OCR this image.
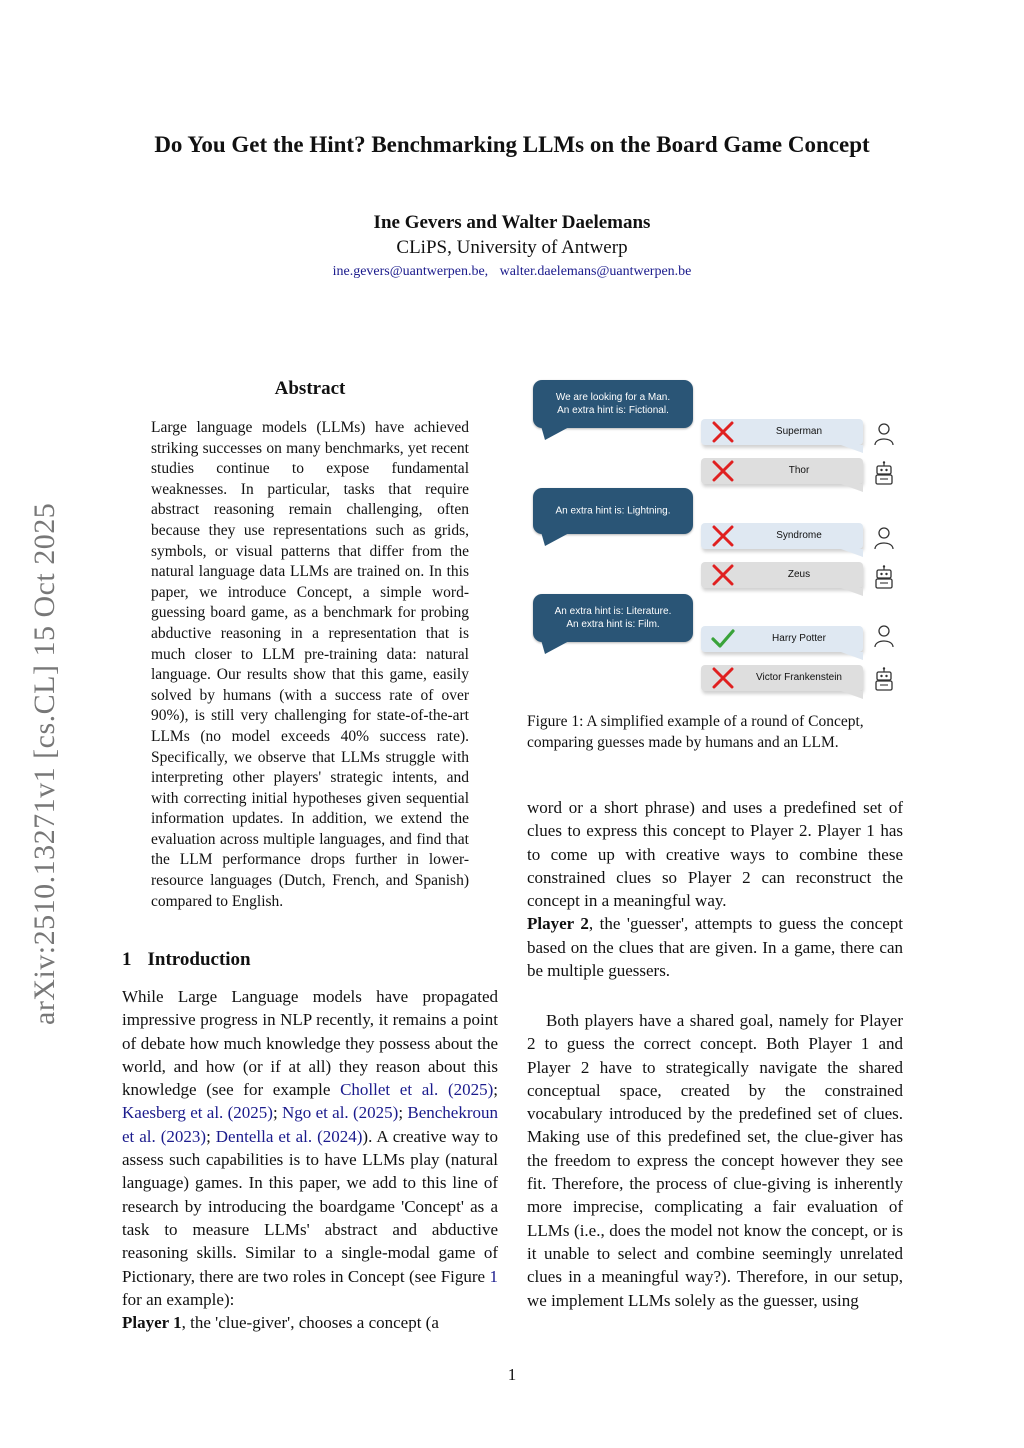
Do You Get the Hint? Benchmarking LLMs on the Board Game Concept
Ine Gevers and Walter Daelemans
CLiPS, University of Antwerp
ine.gevers@uantwerpen.be, walter.daelemans@uantwerpen.be
arXiv:2510.13271v1 [cs.CL] 15 Oct 2025
Abstract
Large language models (LLMs) have achieved striking successes on many benchmarks, yet recent studies continue to expose fundamental weaknesses. In particular, tasks that require abstract reasoning remain challenging, often because they use representations such as grids, symbols, or visual patterns that differ from the natural language data LLMs are trained on. In this paper, we introduce Concept, a simple word-guessing board game, as a benchmark for probing abductive reasoning in a representation that is much closer to LLM pre-training data: natural language. Our results show that this game, easily solved by humans (with a success rate of over 90%), is still very challenging for state-of-the-art LLMs (no model exceeds 40% success rate). Specifically, we observe that LLMs struggle with interpreting other players' strategic intents, and with correcting initial hypotheses given sequential information updates. In addition, we extend the evaluation across multiple languages, and find that the LLM performance drops further in lower-resource languages (Dutch, French, and Spanish) compared to English.
1 Introduction
While Large Language models have propagated impressive progress in NLP recently, it remains a point of debate how much knowledge they possess about the world, and how (or if at all) they reason about this knowledge (see for example Chollet et al. (2025); Kaesberg et al. (2025); Ngo et al. (2025); Benchekroun et al. (2023); Dentella et al. (2024)). A creative way to assess such capabilities is to have LLMs play (natural language) games. In this paper, we add to this line of research by introducing the boardgame 'Concept' as a task to measure LLMs' abstract and abductive reasoning skills. Similar to a single-modal game of Pictionary, there are two roles in Concept (see Figure 1 for an example):
Player 1, the 'clue-giver', chooses a concept (a
We are looking for a Man.
An extra hint is: Fictional.
An extra hint is: Lightning.
An extra hint is: Literature.
An extra hint is: Film.
Superman
Thor
Syndrome
Zeus
Harry Potter
Victor Frankenstein
Figure 1: A simplified example of a round of Concept, comparing guesses made by humans and an LLM.

word or a short phrase) and uses a predefined set of clues to express this concept to Player 2. Player 1 has to come up with creative ways to combine these constrained clues so Player 2 can reconstruct the concept in a meaningful way.

Player 2, the 'guesser', attempts to guess the concept based on the clues that are given. In a game, there can be multiple guessers.

Both players have a shared goal, namely for Player 2 to guess the correct concept. Both Player 1 and Player 2 have to strategically navigate the shared conceptual space, created by the constrained vocabulary introduced by the predefined set of clues. Making use of this predefined set, the clue-giver has the freedom to express the concept however they see fit. Therefore, the process of clue-giving is inherently more imprecise, complicating a fair evaluation of LLMs (i.e., does the model not know the concept, or is it unable to select and combine seemingly unrelated clues in a meaningful way?). Therefore, in our setup, we implement LLMs solely as the guesser, using
1
